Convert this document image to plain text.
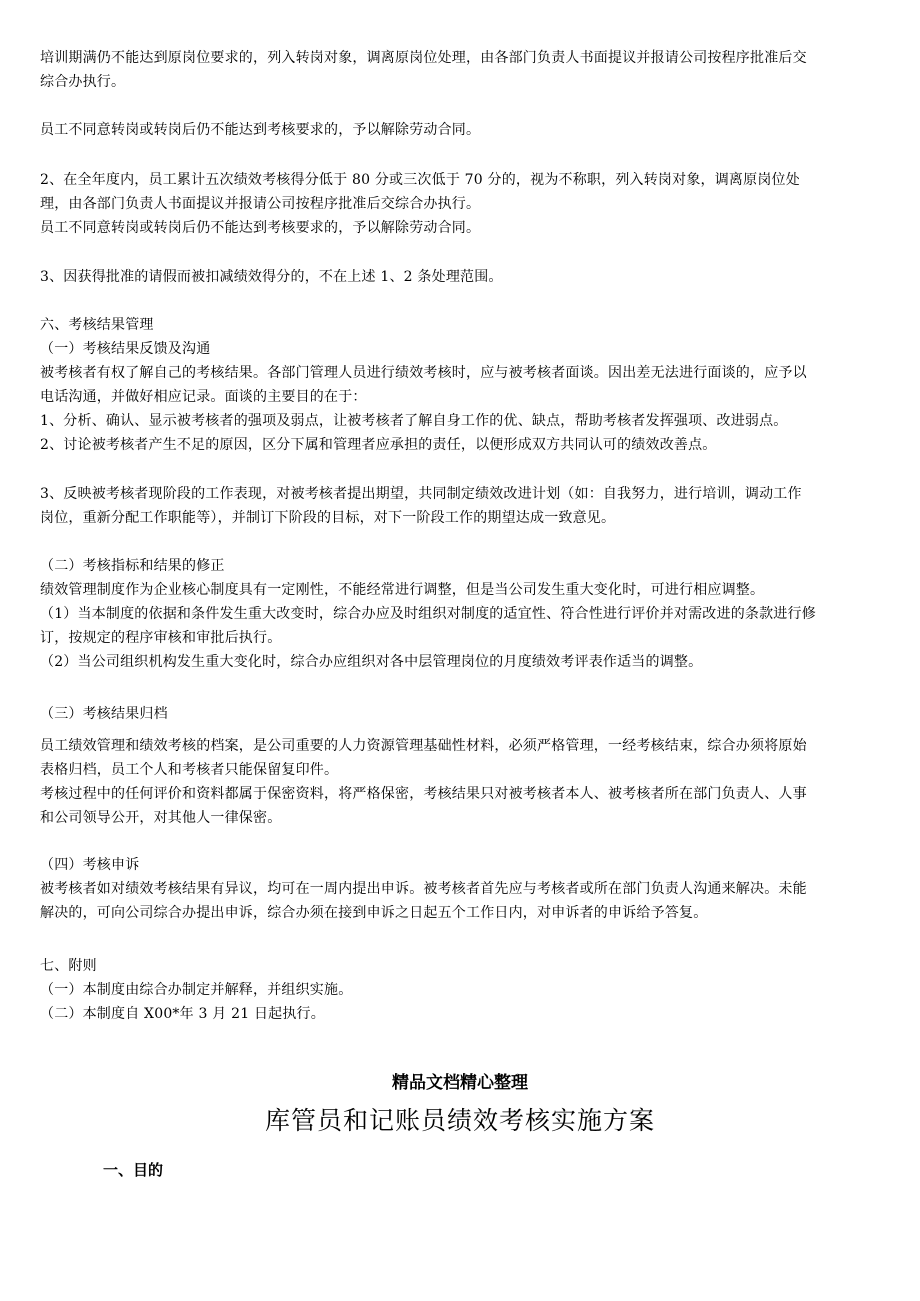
培训期满仍不能达到原岗位要求的，列入转岗对象，调离原岗位处理，由各部门负责人书面提议并报请公司按程序批准后交
综合办执行。
员工不同意转岗或转岗后仍不能达到考核要求的，予以解除劳动合同。
2、在全年度内，员工累计五次绩效考核得分低于 80 分或三次低于 70 分的，视为不称职，列入转岗对象，调离原岗位处
理，由各部门负责人书面提议并报请公司按程序批准后交综合办执行。
员工不同意转岗或转岗后仍不能达到考核要求的，予以解除劳动合同。
3、因获得批准的请假而被扣减绩效得分的，不在上述 1、2 条处理范围。
六、考核结果管理
（一）考核结果反馈及沟通
被考核者有权了解自己的考核结果。各部门管理人员进行绩效考核时，应与被考核者面谈。因出差无法进行面谈的，应予以
电话沟通，并做好相应记录。面谈的主要目的在于：
1、分析、确认、显示被考核者的强项及弱点，让被考核者了解自身工作的优、缺点，帮助考核者发挥强项、改进弱点。
2、讨论被考核者产生不足的原因，区分下属和管理者应承担的责任，以便形成双方共同认可的绩效改善点。
3、反映被考核者现阶段的工作表现，对被考核者提出期望，共同制定绩效改进计划（如：自我努力，进行培训，调动工作
岗位，重新分配工作职能等），并制订下阶段的目标，对下一阶段工作的期望达成一致意见。
（二）考核指标和结果的修正
绩效管理制度作为企业核心制度具有一定刚性，不能经常进行调整，但是当公司发生重大变化时，可进行相应调整。
（1）当本制度的依据和条件发生重大改变时，综合办应及时组织对制度的适宜性、符合性进行评价并对需改进的条款进行修
订，按规定的程序审核和审批后执行。
（2）当公司组织机构发生重大变化时，综合办应组织对各中层管理岗位的月度绩效考评表作适当的调整。
（三）考核结果归档
员工绩效管理和绩效考核的档案，是公司重要的人力资源管理基础性材料，必须严格管理，一经考核结束，综合办须将原始
表格归档，员工个人和考核者只能保留复印件。
考核过程中的任何评价和资料都属于保密资料，将严格保密，考核结果只对被考核者本人、被考核者所在部门负责人、人事
和公司领导公开，对其他人一律保密。
（四）考核申诉
被考核者如对绩效考核结果有异议，均可在一周内提出申诉。被考核者首先应与考核者或所在部门负责人沟通来解决。未能
解决的，可向公司综合办提出申诉，综合办须在接到申诉之日起五个工作日内，对申诉者的申诉给予答复。
七、附则
（一）本制度由综合办制定并解释，并组织实施。
（二）本制度自 X00*年 3 月 21 日起执行。
精品文档精心整理
库管员和记账员绩效考核实施方案
一、目的
